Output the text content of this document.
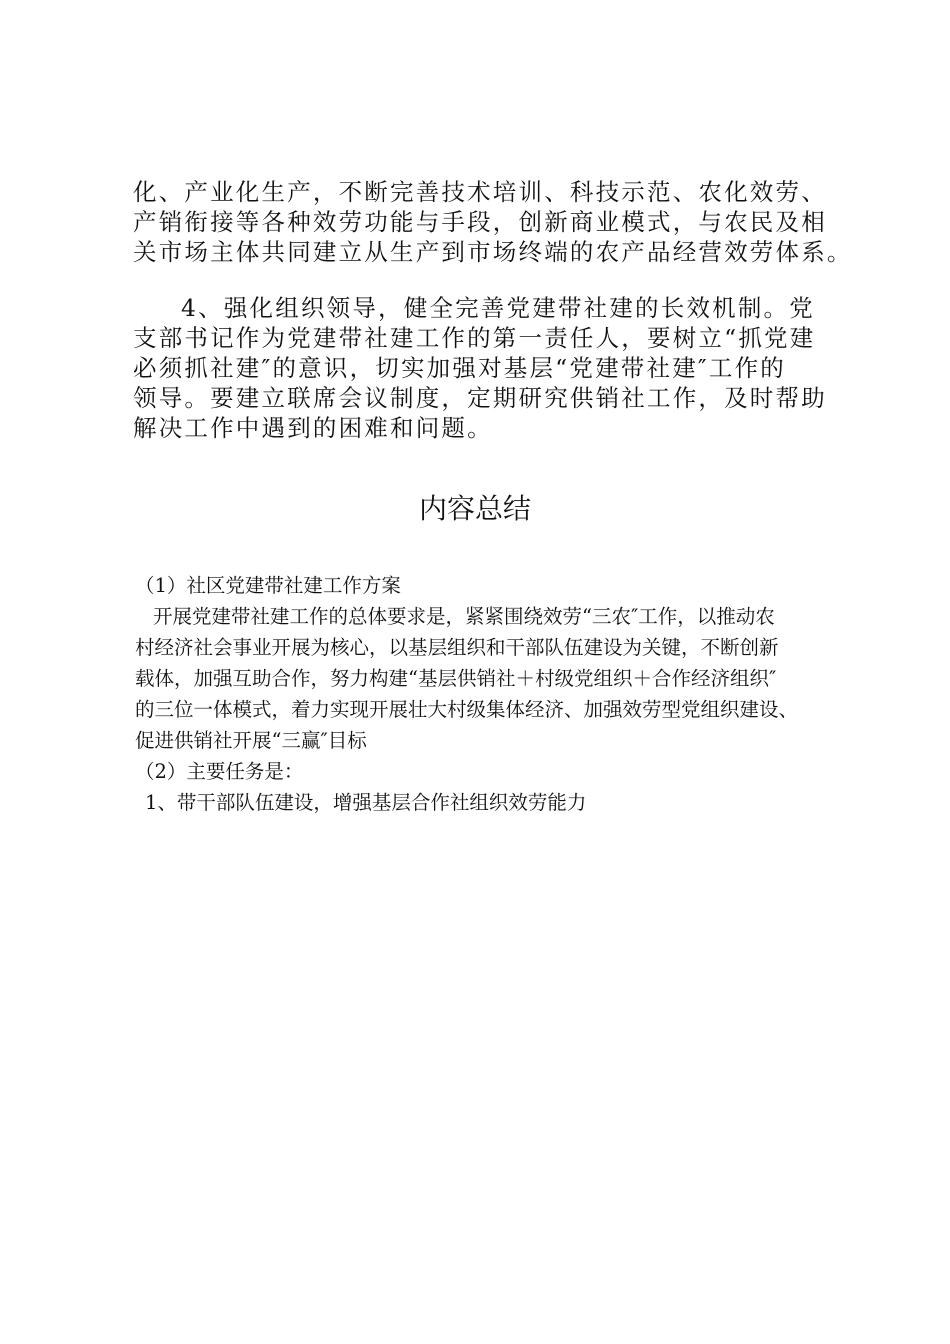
化、产业化生产，不断完善技术培训、科技示范、农化效劳、
产销衔接等各种效劳功能与手段，创新商业模式，与农民及相
关市场主体共同建立从生产到市场终端的农产品经营效劳体系。
4、强化组织领导，健全完善党建带社建的长效机制。党
支部书记作为党建带社建工作的第一责任人，要树立“抓党建
必须抓社建″的意识，切实加强对基层“党建带社建″工作的
领导。要建立联席会议制度，定期研究供销社工作，及时帮助
解决工作中遇到的困难和问题。
内容总结
（1）社区党建带社建工作方案
开展党建带社建工作的总体要求是，紧紧围绕效劳“三农″工作，以推动农
村经济社会事业开展为核心，以基层组织和干部队伍建设为关键，不断创新
载体，加强互助合作，努力构建“基层供销社＋村级党组织＋合作经济组织″
的三位一体模式，着力实现开展壮大村级集体经济、加强效劳型党组织建设、
促进供销社开展“三赢″目标
（2）主要任务是：
1、带干部队伍建设，增强基层合作社组织效劳能力
